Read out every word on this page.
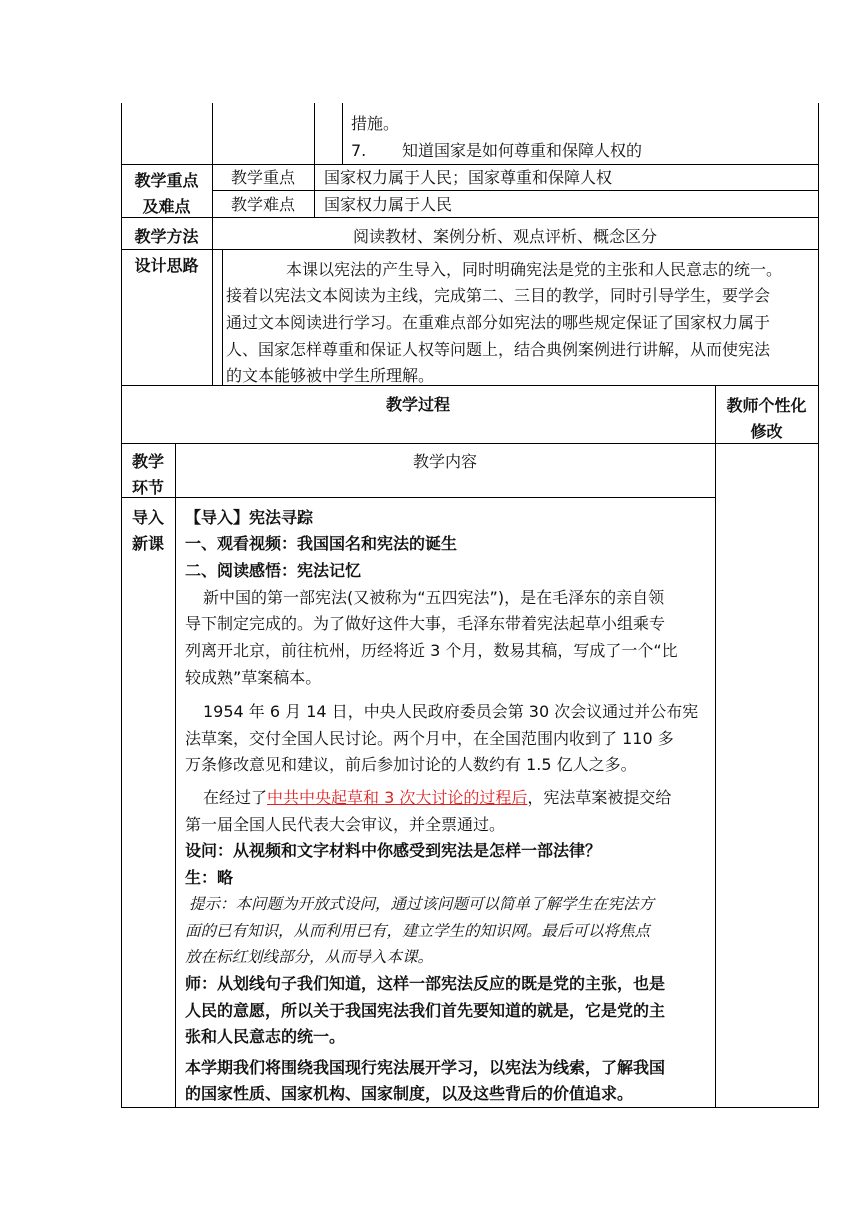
措施。
7. 知道国家是如何尊重和保障人权的
教学重点
及难点
教学重点	国家权力属于人民；国家尊重和保障人权
教学难点	国家权力属于人民
教学方法	阅读教材、案例分析、观点评析、概念区分
设计思路	本课以宪法的产生导入，同时明确宪法是党的主张和人民意志的统一。
接着以宪法文本阅读为主线，完成第二、三目的教学，同时引导学生，要学会
通过文本阅读进行学习。在重难点部分如宪法的哪些规定保证了国家权力属于
人、国家怎样尊重和保证人权等问题上，结合典例案例进行讲解，从而使宪法
的文本能够被中学生所理解。
教学过程	教师个性化
修改
教学
环节
教学内容
导入
新课
【导入】宪法寻踪
一、观看视频：我国国名和宪法的诞生
二、阅读感悟：宪法记忆
新中国的第一部宪法(又被称为“五四宪法”)，是在毛泽东的亲自领
导下制定完成的。为了做好这件大事，毛泽东带着宪法起草小组乘专
列离开北京，前往杭州，历经将近 3 个月，数易其稿，写成了一个“比
较成熟”草案稿本。
1954 年 6 月 14 日，中央人民政府委员会第 30 次会议通过并公布宪
法草案，交付全国人民讨论。两个月中，在全国范围内收到了 110 多
万条修改意见和建议，前后参加讨论的人数约有 1.5 亿人之多。
在经过了中共中央起草和 3 次大讨论的过程后，宪法草案被提交给
第一届全国人民代表大会审议，并全票通过。
设问：从视频和文字材料中你感受到宪法是怎样一部法律？
生：略
提示：本问题为开放式设问，通过该问题可以简单了解学生在宪法方
面的已有知识，从而利用已有，建立学生的知识网。最后可以将焦点
放在标红划线部分，从而导入本课。
师：从划线句子我们知道，这样一部宪法反应的既是党的主张，也是
人民的意愿，所以关于我国宪法我们首先要知道的就是，它是党的主
张和人民意志的统一。
本学期我们将围绕我国现行宪法展开学习，以宪法为线索，了解我国
的国家性质、国家机构、国家制度，以及这些背后的价值追求。
